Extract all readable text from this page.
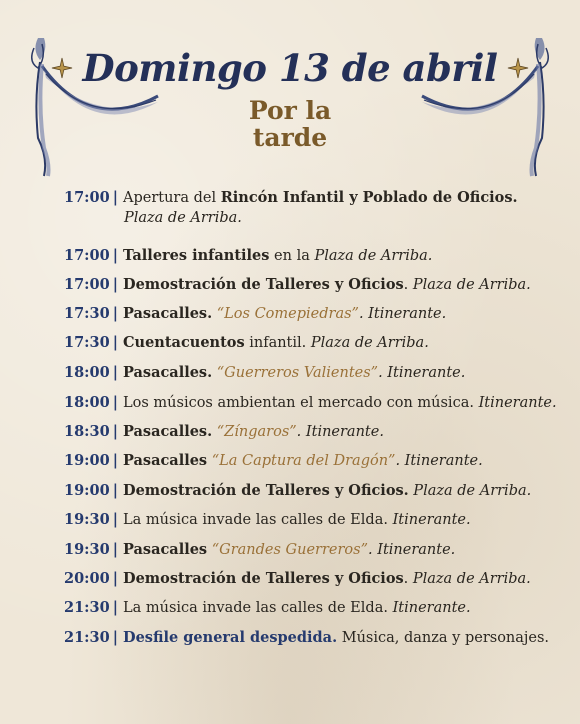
Domingo 13 de abril
Por la
tarde
17:00 | Apertura del Rincón Infantil y Poblado de Oficios.
Plaza de Arriba.
17:00 | Talleres infantiles en la Plaza de Arriba.
17:00 | Demostración de Talleres y Oficios. Plaza de Arriba.
17:30 | Pasacalles. “Los Comepiedras”. Itinerante.
17:30 | Cuentacuentos infantil. Plaza de Arriba.
18:00 | Pasacalles. “Guerreros Valientes”. Itinerante.
18:00 | Los músicos ambientan el mercado con música. Itinerante.
18:30 | Pasacalles. “Zíngaros”. Itinerante.
19:00 | Pasacalles “La Captura del Dragón”. Itinerante.
19:00 | Demostración de Talleres y Oficios. Plaza de Arriba.
19:30 | La música invade las calles de Elda. Itinerante.
19:30 | Pasacalles “Grandes Guerreros”. Itinerante.
20:00 | Demostración de Talleres y Oficios. Plaza de Arriba.
21:30 | La música invade las calles de Elda. Itinerante.
21:30 | Desfile general despedida. Música, danza y personajes.
